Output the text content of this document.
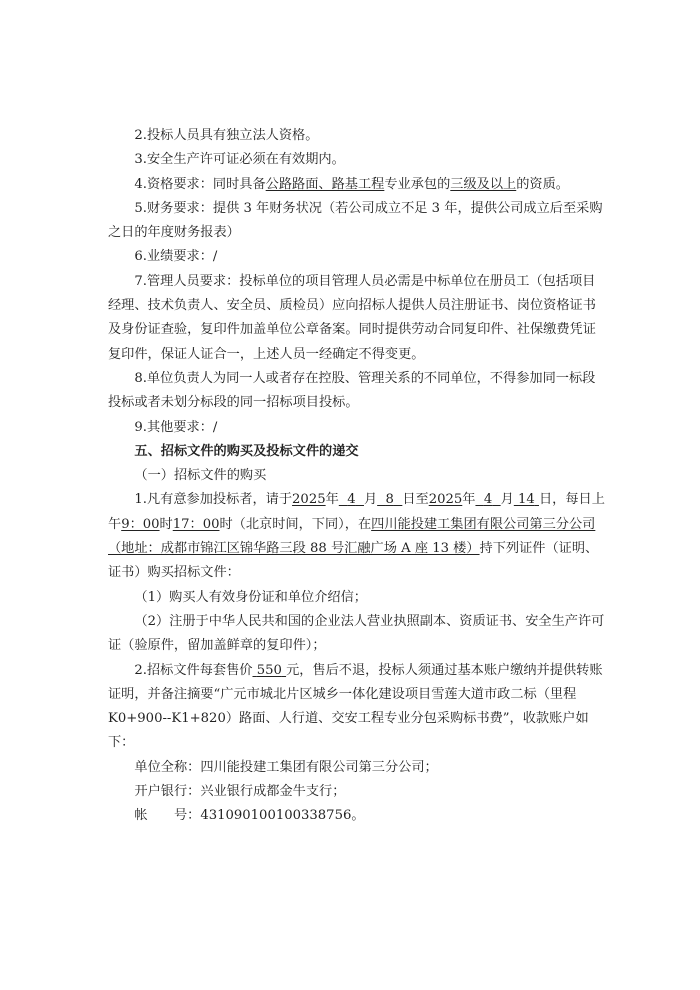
2.投标人员具有独立法人资格。

3.安全生产许可证必须在有效期内。

4.资格要求：同时具备公路路面、路基工程专业承包的三级及以上的资质。

5.财务要求：提供 3 年财务状况（若公司成立不足 3 年，提供公司成立后至采购之日的年度财务报表）

6.业绩要求：/

7.管理人员要求：投标单位的项目管理人员必需是中标单位在册员工（包括项目经理、技术负责人、安全员、质检员）应向招标人提供人员注册证书、岗位资格证书及身份证查验，复印件加盖单位公章备案。同时提供劳动合同复印件、社保缴费凭证复印件，保证人证合一，上述人员一经确定不得变更。

8.单位负责人为同一人或者存在控股、管理关系的不同单位，不得参加同一标段投标或者未划分标段的同一招标项目投标。

9.其他要求：/

五、招标文件的购买及投标文件的递交

（一）招标文件的购买

1.凡有意参加投标者，请于2025年 4 月 8 日至2025年 4 月 14 日，每日上午9：00时17：00时（北京时间，下同），在四川能投建工集团有限公司第三分公司（地址：成都市锦江区锦华路三段 88 号汇融广场 A 座 13 楼）持下列证件（证明、证书）购买招标文件：

（1）购买人有效身份证和单位介绍信；

（2）注册于中华人民共和国的企业法人营业执照副本、资质证书、安全生产许可证（验原件，留加盖鲜章的复印件）；

2.招标文件每套售价 550 元，售后不退，投标人须通过基本账户缴纳并提供转账证明，并备注摘要“广元市城北片区城乡一体化建设项目雪莲大道市政二标（里程K0+900--K1+820）路面、人行道、交安工程专业分包采购标书费”，收款账户如下：

单位全称：四川能投建工集团有限公司第三分公司；

开户银行：兴业银行成都金牛支行；

帐　　号：431090100100338756。
